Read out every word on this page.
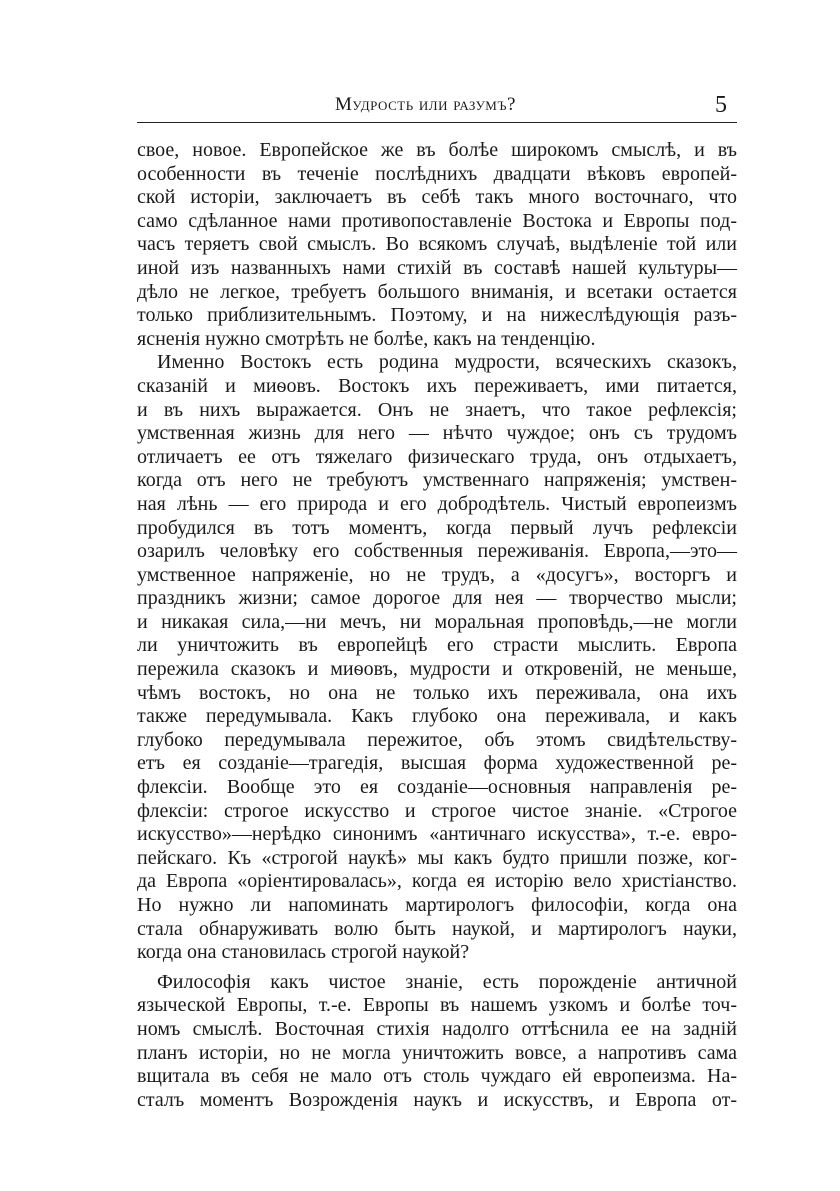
Мудрость или разумъ?	5
свое, новое. Европейское же въ болѣе широкомъ смыслѣ, и въ
особенности въ теченіе послѣднихъ двадцати вѣковъ европей-
ской исторіи, заключаетъ въ себѣ такъ много восточнаго, что
само сдѣланное нами противопоставленіе Востока и Европы под-
часъ теряетъ свой смыслъ. Во всякомъ случаѣ, выдѣленіе той или
иной изъ названныхъ нами стихій въ составѣ нашей культуры—
дѣло не легкое, требуетъ большого вниманія, и всетаки остается
только приблизительнымъ. Поэтому, и на нижеслѣдующія разъ-
ясненія нужно смотрѣть не болѣе, какъ на тенденцію.
Именно Востокъ есть родина мудрости, всяческихъ сказокъ,
сказаній и миѳовъ. Востокъ ихъ переживаетъ, ими питается,
и въ нихъ выражается. Онъ не знаетъ, что такое рефлексія;
умственная жизнь для него — нѣчто чуждое; онъ съ трудомъ
отличаетъ ее отъ тяжелаго физическаго труда, онъ отдыхаетъ,
когда отъ него не требуютъ умственнаго напряженія; умствен-
ная лѣнь — его природа и его добродѣтель. Чистый европеизмъ
пробудился въ тотъ моментъ, когда первый лучъ рефлексіи
озарилъ человѣку его собственныя переживанія. Европа,—это—
умственное напряженіе, но не трудъ, а «досугъ», восторгъ и
праздникъ жизни; самое дорогое для нея — творчество мысли;
и никакая сила,—ни мечъ, ни моральная проповѣдь,—не могли
ли уничтожить въ европейцѣ его страсти мыслить. Европа
пережила сказокъ и миѳовъ, мудрости и откровеній, не меньше,
чѣмъ востокъ, но она не только ихъ переживала, она ихъ
также передумывала. Какъ глубоко она переживала, и какъ
глубоко передумывала пережитое, объ этомъ свидѣтельству-
етъ ея созданіе—трагедія, высшая форма художественной ре-
флексіи. Вообще это ея созданіе—основныя направленія ре-
флексіи: строгое искусство и строгое чистое знаніе. «Строгое
искусство»—нерѣдко синонимъ «античнаго искусства», т.-е. евро-
пейскаго. Къ «строгой наукѣ» мы какъ будто пришли позже, ког-
да Европа «оріентировалась», когда ея исторію вело христіанство.
Но нужно ли напоминать мартирологъ философіи, когда она
стала обнаруживать волю быть наукой, и мартирологъ науки,
когда она становилась строгой наукой?
Философія какъ чистое знаніе, есть порожденіе античной
языческой Европы, т.-е. Европы въ нашемъ узкомъ и болѣе точ-
номъ смыслѣ. Восточная стихія надолго оттѣснила ее на задній
планъ исторіи, но не могла уничтожить вовсе, а напротивъ сама
вщитала въ себя не мало отъ столь чуждаго ей европеизма. На-
сталъ моментъ Возрожденія наукъ и искусствъ, и Европа от-
